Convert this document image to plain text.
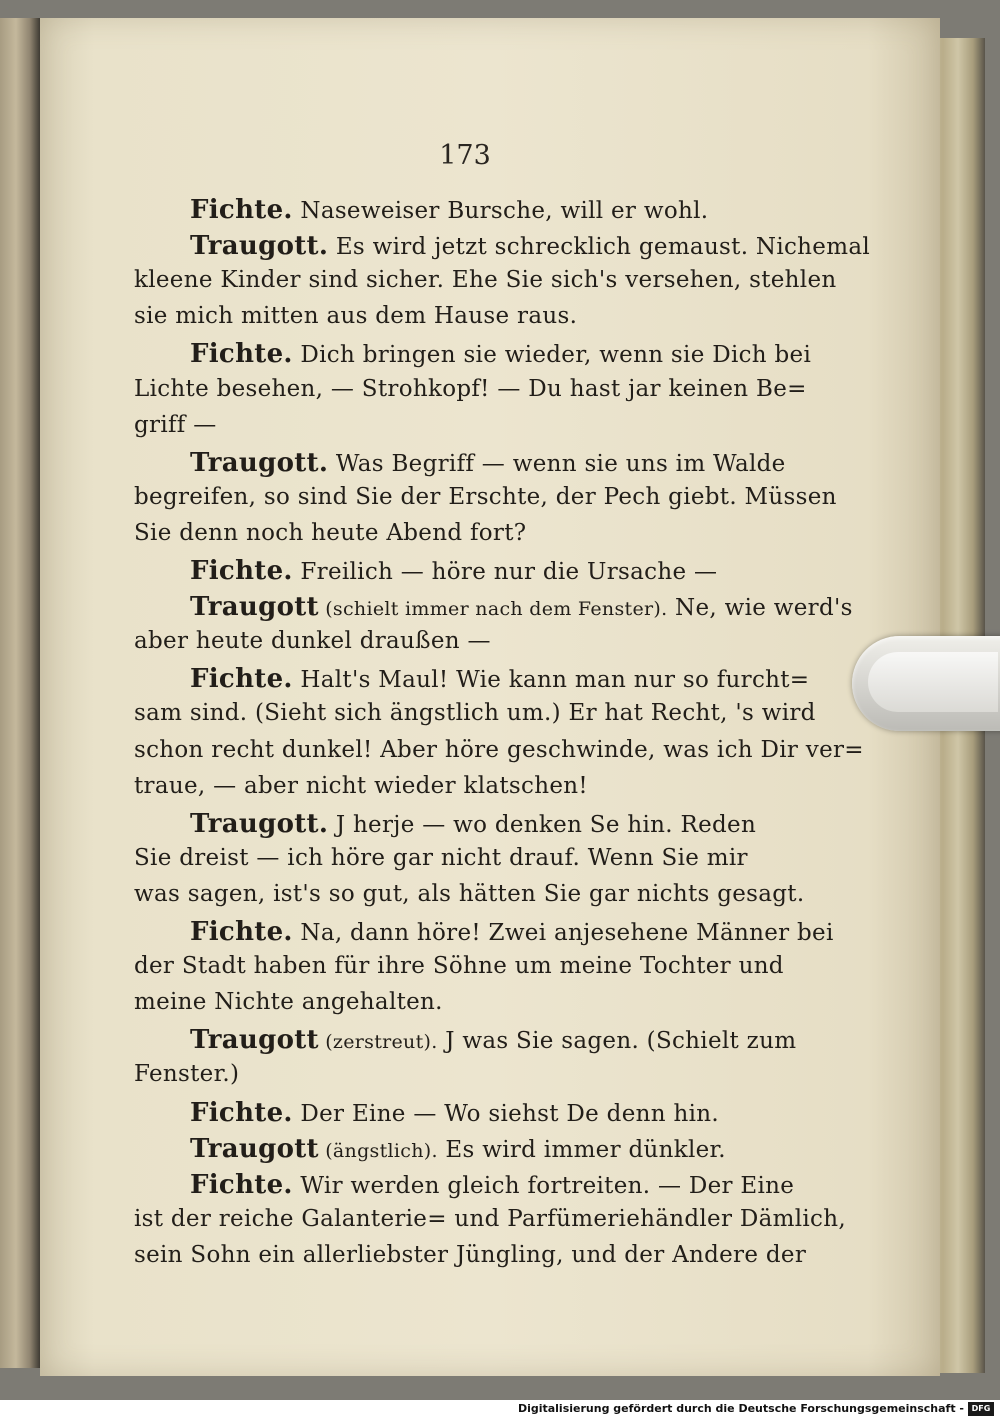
173
Fichte. Naseweiser Bursche, will er wohl.
Traugott. Es wird jetzt schrecklich gemaust. Nichemal
kleene Kinder sind sicher. Ehe Sie sich's versehen, stehlen
sie mich mitten aus dem Hause raus.
Fichte. Dich bringen sie wieder, wenn sie Dich bei
Lichte besehen, — Strohkopf! — Du hast jar keinen Be=
griff —
Traugott. Was Begriff — wenn sie uns im Walde
begreifen, so sind Sie der Erschte, der Pech giebt. Müssen
Sie denn noch heute Abend fort?
Fichte. Freilich — höre nur die Ursache —
Traugott (schielt immer nach dem Fenster). Ne, wie werd's
aber heute dunkel draußen —
Fichte. Halt's Maul! Wie kann man nur so furcht=
sam sind. (Sieht sich ängstlich um.) Er hat Recht, 's wird
schon recht dunkel! Aber höre geschwinde, was ich Dir ver=
traue, — aber nicht wieder klatschen!
Traugott. J herje — wo denken Se hin. Reden
Sie dreist — ich höre gar nicht drauf. Wenn Sie mir
was sagen, ist's so gut, als hätten Sie gar nichts gesagt.
Fichte. Na, dann höre! Zwei anjesehene Männer bei
der Stadt haben für ihre Söhne um meine Tochter und
meine Nichte angehalten.
Traugott (zerstreut). J was Sie sagen. (Schielt zum
Fenster.)
Fichte. Der Eine — Wo siehst De denn hin.
Traugott (ängstlich). Es wird immer dünkler.
Fichte. Wir werden gleich fortreiten. — Der Eine
ist der reiche Galanterie= und Parfümeriehändler Dämlich,
sein Sohn ein allerliebster Jüngling, und der Andere der
Digitalisierung gefördert durch die Deutsche Forschungsgemeinschaft - DFG
